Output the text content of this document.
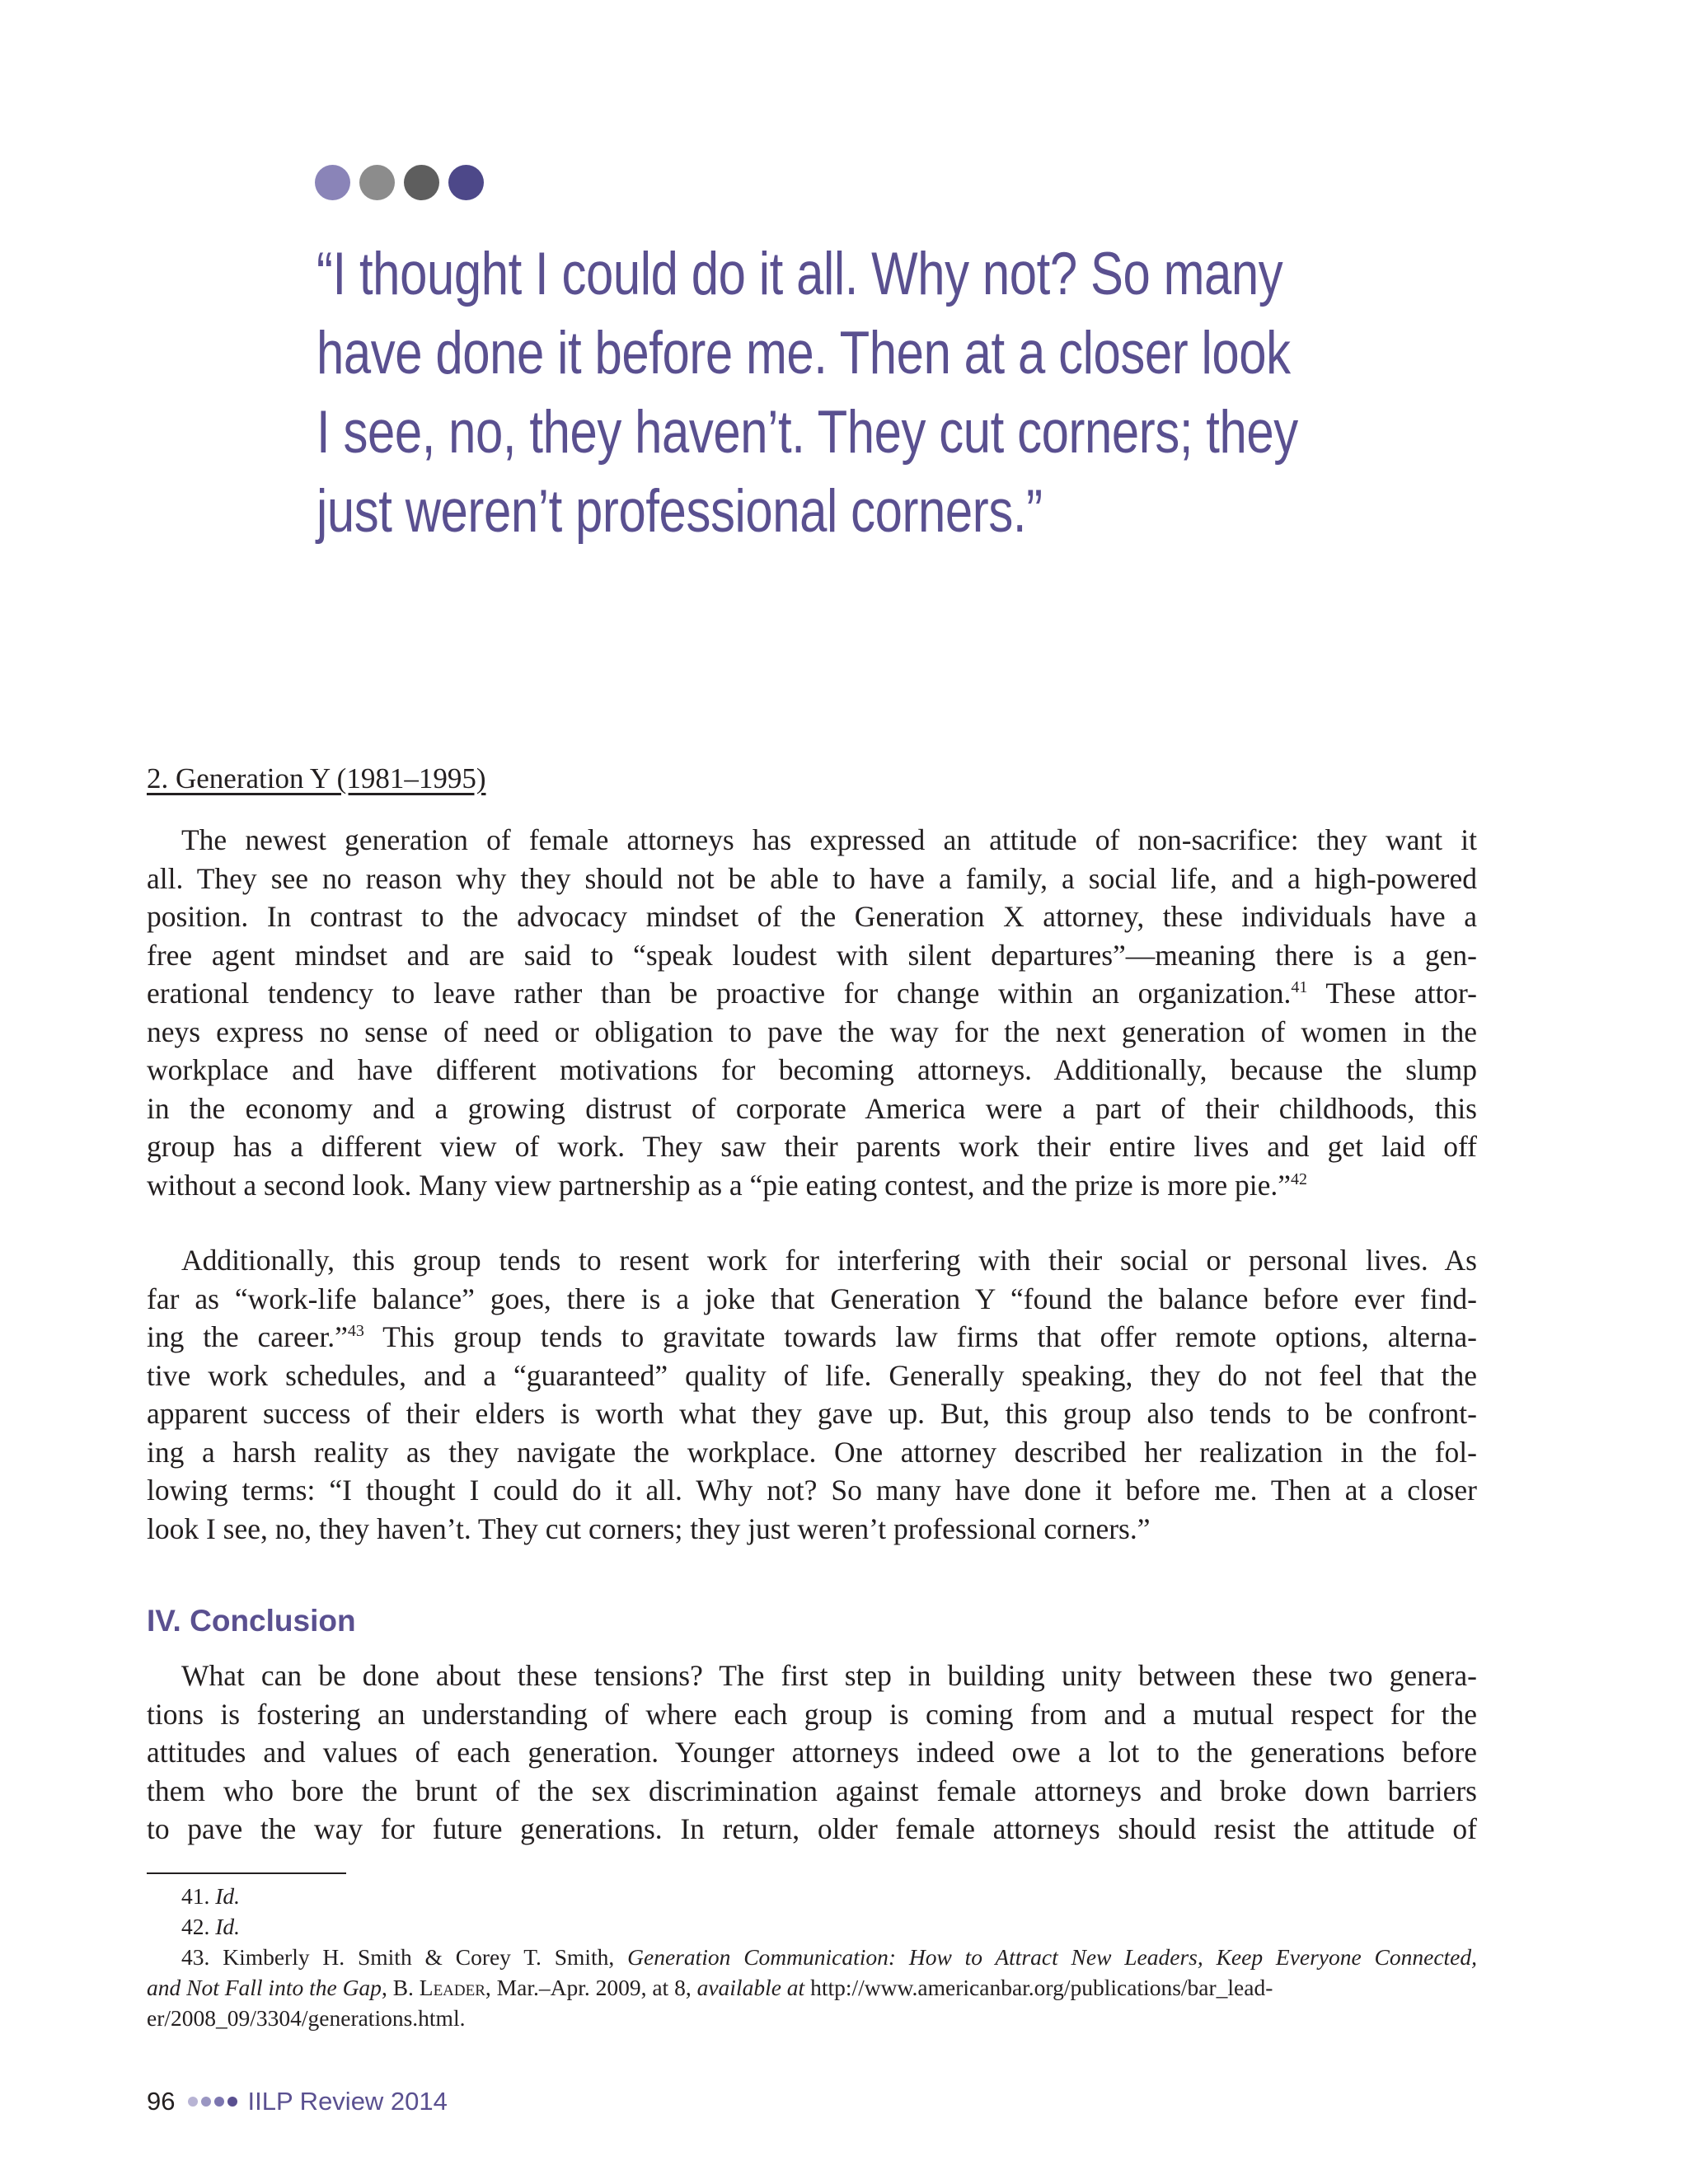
“I thought I could do it all. Why not? So many
have done it before me. Then at a closer look
I see, no, they haven’t. They cut corners; they
just weren’t professional corners.”
2. Generation Y (1981–1995)
The newest generation of female attorneys has expressed an attitude of non-sacrifice: they want it
all. They see no reason why they should not be able to have a family, a social life, and a high-powered
position. In contrast to the advocacy mindset of the Generation X attorney, these individuals have a
free agent mindset and are said to “speak loudest with silent departures”—meaning there is a gen-
erational tendency to leave rather than be proactive for change within an organization.$^{41}$ These attor-
neys express no sense of need or obligation to pave the way for the next generation of women in the
workplace and have different motivations for becoming attorneys. Additionally, because the slump
in the economy and a growing distrust of corporate America were a part of their childhoods, this
group has a different view of work. They saw their parents work their entire lives and get laid off
without a second look. Many view partnership as a “pie eating contest, and the prize is more pie.”$^{42}$
Additionally, this group tends to resent work for interfering with their social or personal lives. As
far as “work-life balance” goes, there is a joke that Generation Y “found the balance before ever find-
ing the career.”$^{43}$ This group tends to gravitate towards law firms that offer remote options, alterna-
tive work schedules, and a “guaranteed” quality of life. Generally speaking, they do not feel that the
apparent success of their elders is worth what they gave up. But, this group also tends to be confront-
ing a harsh reality as they navigate the workplace. One attorney described her realization in the fol-
lowing terms: “I thought I could do it all. Why not? So many have done it before me. Then at a closer
look I see, no, they haven’t. They cut corners; they just weren’t professional corners.”
IV. Conclusion
What can be done about these tensions? The first step in building unity between these two genera-
tions is fostering an understanding of where each group is coming from and a mutual respect for the
attitudes and values of each generation. Younger attorneys indeed owe a lot to the generations before
them who bore the brunt of the sex discrimination against female attorneys and broke down barriers
to pave the way for future generations. In return, older female attorneys should resist the attitude of
41. Id.
42. Id.
43. Kimberly H. Smith & Corey T. Smith, Generation Communication: How to Attract New Leaders, Keep Everyone Connected,
and Not Fall into the Gap, B. Leader, Mar.–Apr. 2009, at 8, available at http://www.americanbar.org/publications/bar_lead-
er/2008_09/3304/generations.html.
96	IILP Review 2014
